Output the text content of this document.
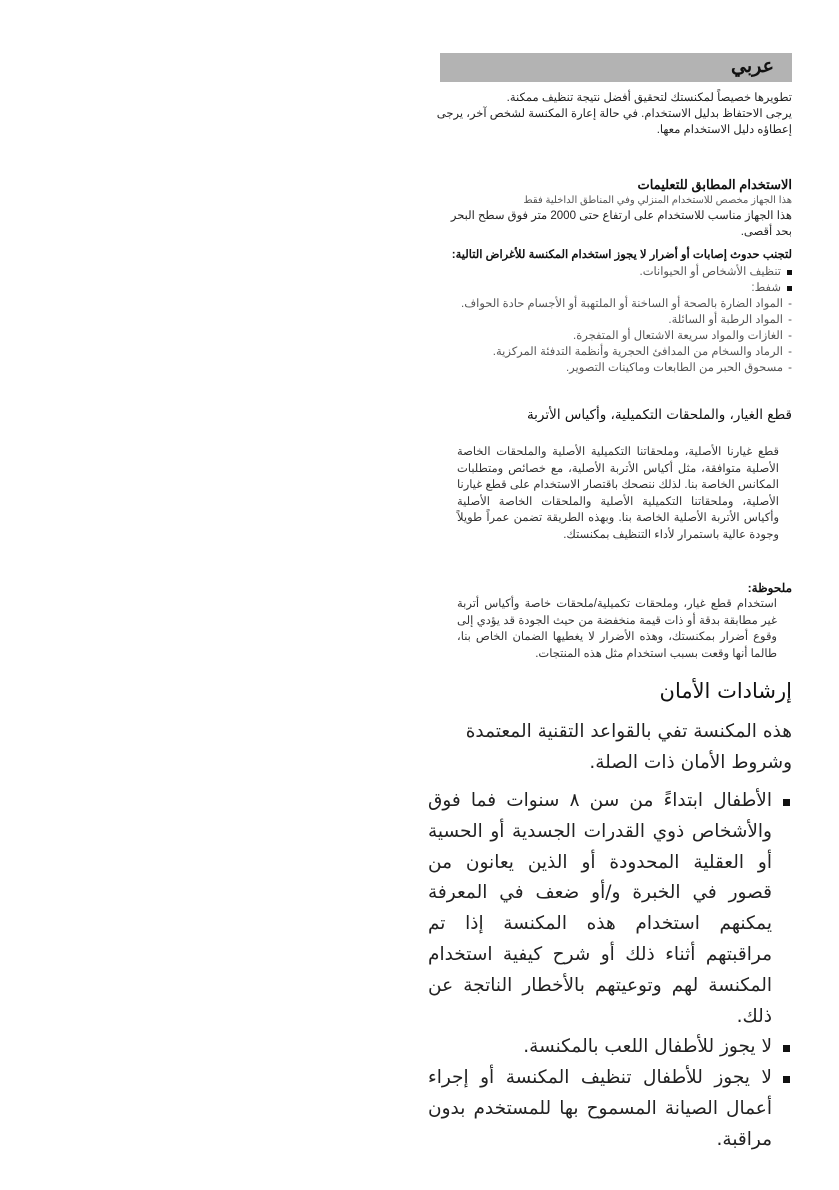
عربي

تطويرها خصيصاً لمكنستك لتحقيق أفضل نتيجة تنظيف ممكنة.

يرجى الاحتفاظ بدليل الاستخدام. في حالة إعارة المكنسة لشخص آخر، يرجى إعطاؤه دليل الاستخدام معها.

الاستخدام المطابق للتعليمات

هذا الجهاز مخصص للاستخدام المنزلي وفي المناطق الداخلية فقط

هذا الجهاز مناسب للاستخدام على ارتفاع حتى 2000 متر فوق سطح البحر بحد أقصى.

لتجنب حدوث إصابات أو أضرار لا يجوز استخدام المكنسة للأغراض التالية:

تنظيف الأشخاص أو الحيوانات.

شفط:

- المواد الضارة بالصحة أو الساخنة أو الملتهبة أو الأجسام حادة الحواف.

- المواد الرطبة أو السائلة.

- الغازات والمواد سريعة الاشتعال أو المتفجرة.

- الرماد والسخام من المدافئ الحجرية وأنظمة التدفئة المركزية.

- مسحوق الحبر من الطابعات وماكينات التصوير.

قطع الغيار، والملحقات التكميلية، وأكياس الأتربة

قطع غيارنا الأصلية، وملحقاتنا التكميلية الأصلية والملحقات الخاصة الأصلية متوافقة، مثل أكياس الأتربة الأصلية، مع خصائص ومتطلبات المكانس الخاصة بنا. لذلك ننصحك باقتصار الاستخدام على قطع غيارنا الأصلية، وملحقاتنا التكميلية الأصلية والملحقات الخاصة الأصلية وأكياس الأتربة الأصلية الخاصة بنا. وبهذه الطريقة تضمن عمراً طويلاً وجودة عالية باستمرار لأداء التنظيف بمكنستك.

ملحوظة:

استخدام قطع غيار، وملحقات تكميلية/ملحقات خاصة وأكياس أتربة غير مطابقة بدقة أو ذات قيمة منخفضة من حيث الجودة قد يؤدي إلى وقوع أضرار بمكنستك، وهذه الأضرار لا يغطيها الضمان الخاص بنا، طالما أنها وقعت بسبب استخدام مثل هذه المنتجات.

إرشادات الأمان

هذه المكنسة تفي بالقواعد التقنية المعتمدة وشروط الأمان ذات الصلة.

الأطفال ابتداءً من سن ٨ سنوات فما فوق والأشخاص ذوي القدرات الجسدية أو الحسية أو العقلية المحدودة أو الذين يعانون من قصور في الخبرة و/أو ضعف في المعرفة يمكنهم استخدام هذه المكنسة إذا تم مراقبتهم أثناء ذلك أو شرح كيفية استخدام المكنسة لهم وتوعيتهم بالأخطار الناتجة عن ذلك.

لا يجوز للأطفال اللعب بالمكنسة.

لا يجوز للأطفال تنظيف المكنسة أو إجراء أعمال الصيانة المسموح بها للمستخدم بدون مراقبة.
